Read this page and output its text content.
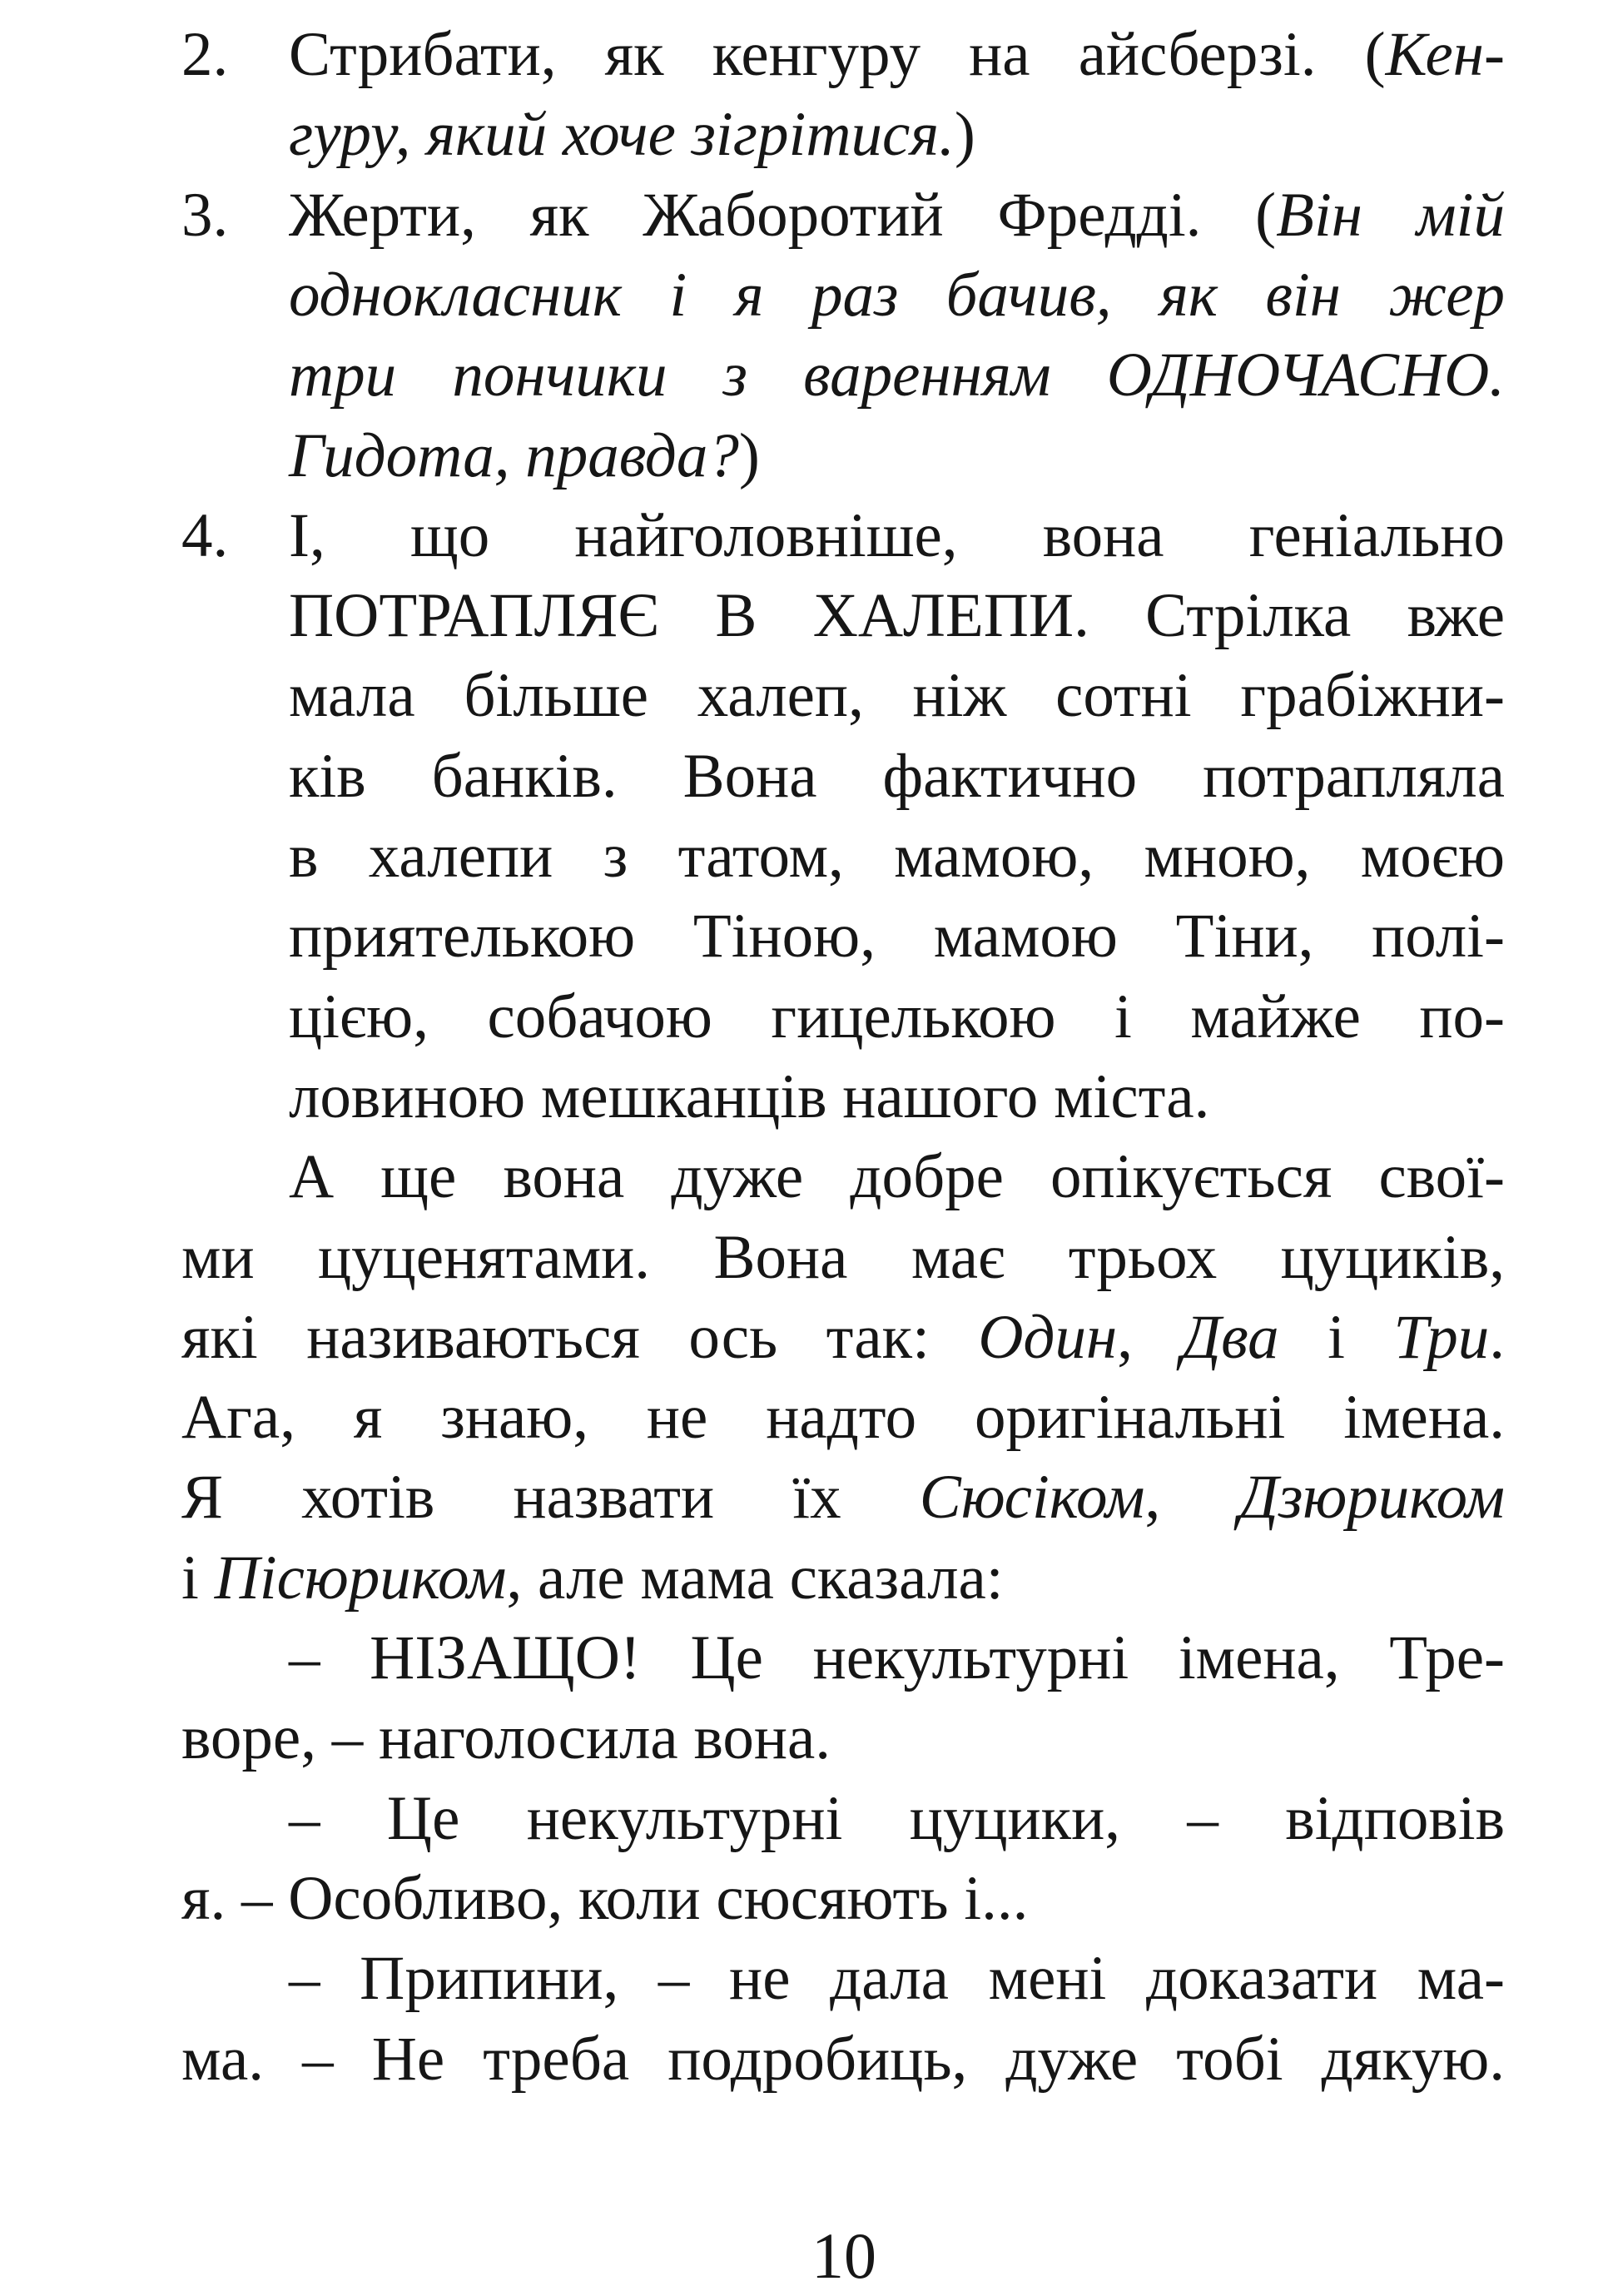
2. Стрибати, як кенгуру на айсберзі. (Кен-
гуру, який хоче зігрітися.)
3. Жерти, як Жаборотий Фредді. (Він мій
однокласник і я раз бачив, як він жер
три пончики з варенням ОДНОЧАСНО.
Гидота, правда?)
4. І, що найголовніше, вона геніально
ПОТРАПЛЯЄ В ХАЛЕПИ. Стрілка вже
мала більше халеп, ніж сотні грабіжни-
ків банків. Вона фактично потрапляла
в халепи з татом, мамою, мною, моєю
приятелькою Тіною, мамою Тіни, полі-
цією, собачою гицелькою і майже по-
ловиною мешканців нашого міста.
А ще вона дуже добре опікується свої-
ми цуценятами. Вона має трьох цуциків,
які називаються ось так: Один, Два і Три.
Ага, я знаю, не надто оригінальні імена.
Я хотів назвати їх Сюсіком, Дзюриком
і Пісюриком, але мама сказала:
– НІЗАЩО! Це некультурні імена, Тре-
воре, – наголосила вона.
– Це некультурні цуцики, – відповів
я. – Особливо, коли сюсяють і...
– Припини, – не дала мені доказати ма-
ма. – Не треба подробиць, дуже тобі дякую.
10
